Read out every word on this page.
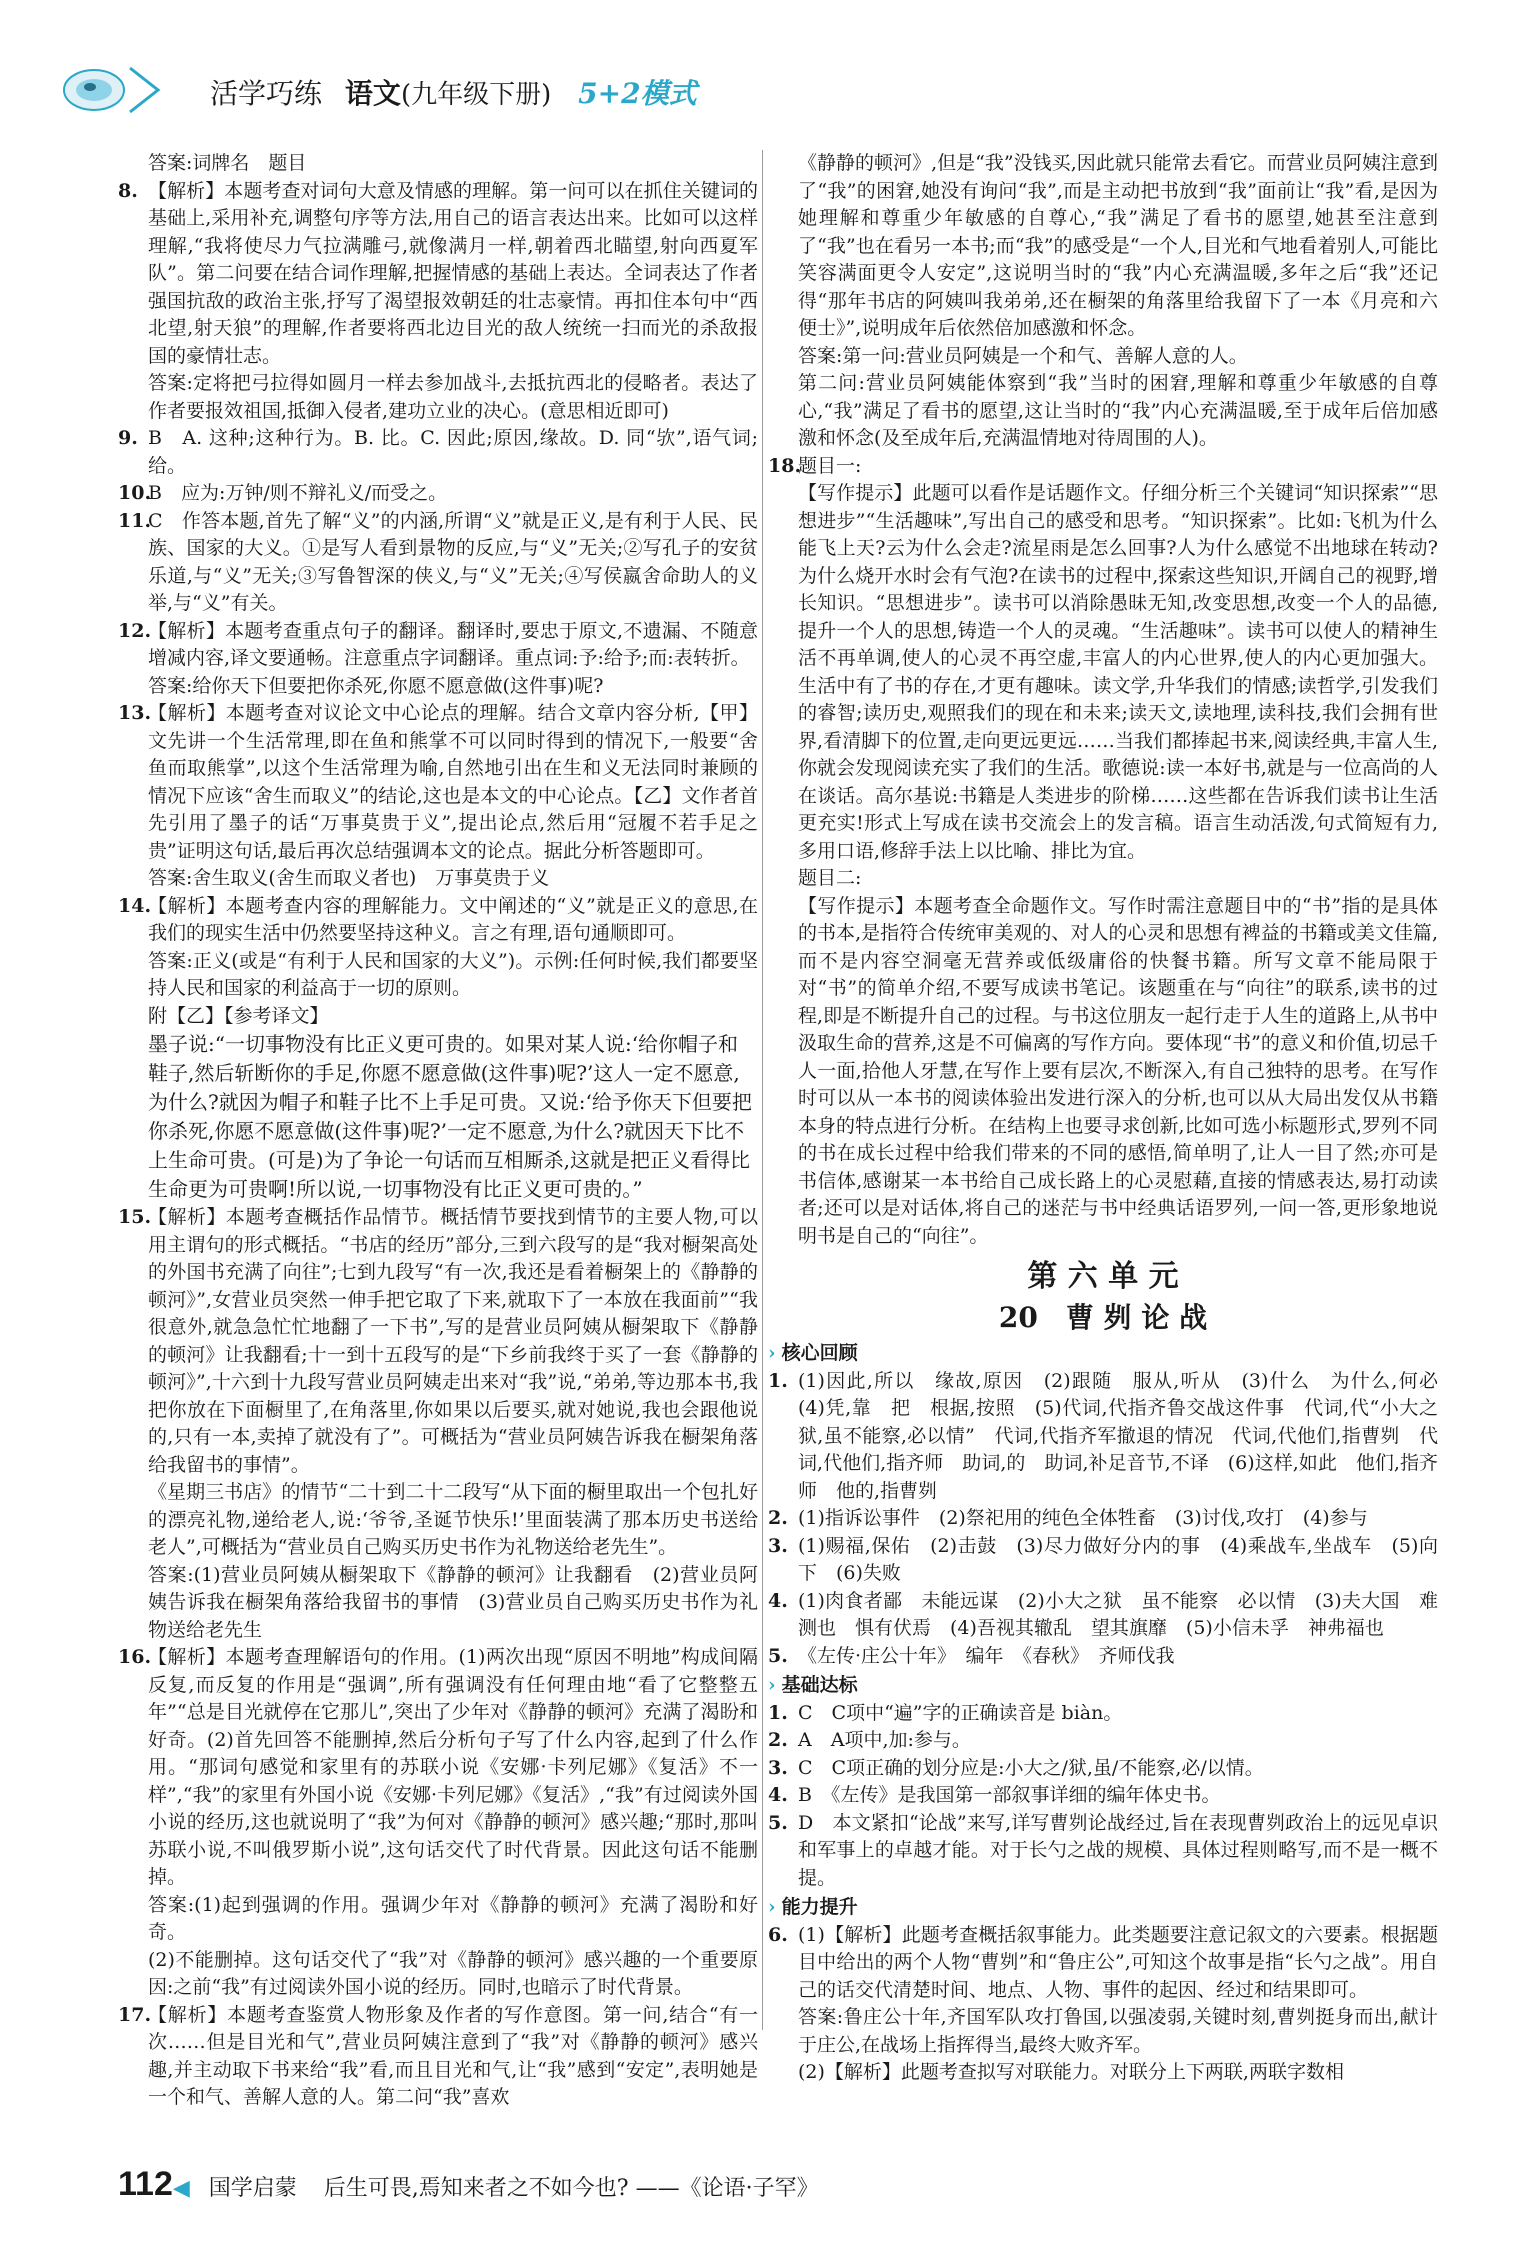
活学巧练 语文(九年级下册) 5+2模式
答案:词牌名　题目
8. 【解析】本题考查对词句大意及情感的理解。第一问可以在抓住关键词的基础上,采用补充,调整句序等方法,用自己的语言表达出来。比如可以这样理解,“我将使尽力气拉满雕弓,就像满月一样,朝着西北瞄望,射向西夏军队”。第二问要在结合词作理解,把握情感的基础上表达。全词表达了作者强国抗敌的政治主张,抒写了渴望报效朝廷的壮志豪情。再扣住本句中“西北望,射天狼”的理解,作者要将西北边目光的敌人统统一扫而光的杀敌报国的豪情壮志。
答案:定将把弓拉得如圆月一样去参加战斗,去抵抗西北的侵略者。表达了作者要报效祖国,抵御入侵者,建功立业的决心。(意思相近即可)
9. B　A. 这种;这种行为。B. 比。C. 因此;原因,缘故。D. 同“欤”,语气词;给。
10.
B　应为:万钟/则不辩礼义/而受之。
11.
C　作答本题,首先了解“义”的内涵,所谓“义”就是正义,是有利于人民、民族、国家的大义。①是写人看到景物的反应,与“义”无关;②写孔子的安贫乐道,与“义”无关;③写鲁智深的侠义,与“义”无关;④写侯嬴舍命助人的义举,与“义”有关。
12.
【解析】本题考查重点句子的翻译。翻译时,要忠于原文,不遗漏、不随意增减内容,译文要通畅。注意重点字词翻译。重点词:予:给予;而:表转折。
答案:给你天下但要把你杀死,你愿不愿意做(这件事)呢?
13.
【解析】本题考查对议论文中心论点的理解。结合文章内容分析,【甲】文先讲一个生活常理,即在鱼和熊掌不可以同时得到的情况下,一般要“舍鱼而取熊掌”,以这个生活常理为喻,自然地引出在生和义无法同时兼顾的情况下应该“舍生而取义”的结论,这也是本文的中心论点。【乙】文作者首先引用了墨子的话“万事莫贵于义”,提出论点,然后用“冠履不若手足之贵”证明这句话,最后再次总结强调本文的论点。据此分析答题即可。
答案:舍生取义(舍生而取义者也)　万事莫贵于义
14.
【解析】本题考查内容的理解能力。文中阐述的“义”就是正义的意思,在我们的现实生活中仍然要坚持这种义。言之有理,语句通顺即可。
答案:正义(或是“有利于人民和国家的大义”)。示例:任何时候,我们都要坚持人民和国家的利益高于一切的原则。
附【乙】【参考译文】
墨子说:“一切事物没有比正义更可贵的。如果对某人说:‘给你帽子和鞋子,然后斩断你的手足,你愿不愿意做(这件事)呢?’这人一定不愿意,为什么?就因为帽子和鞋子比不上手足可贵。又说:‘给予你天下但要把你杀死,你愿不愿意做(这件事)呢?’一定不愿意,为什么?就因天下比不上生命可贵。(可是)为了争论一句话而互相厮杀,这就是把正义看得比生命更为可贵啊!所以说,一切事物没有比正义更可贵的。”
15.
【解析】本题考查概括作品情节。概括情节要找到情节的主要人物,可以用主谓句的形式概括。“书店的经历”部分,三到六段写的是“我对橱架高处的外国书充满了向往”;七到九段写“有一次,我还是看着橱架上的《静静的顿河》”,女营业员突然一伸手把它取了下来,就取下了一本放在我面前”“我很意外,就急急忙忙地翻了一下书”,写的是营业员阿姨从橱架取下《静静的顿河》让我翻看;十一到十五段写的是“下乡前我终于买了一套《静静的顿河》”,十六到十九段写营业员阿姨走出来对“我”说,“弟弟,等边那本书,我把你放在下面橱里了,在角落里,你如果以后要买,就对她说,我也会跟他说的,只有一本,卖掉了就没有了”。可概括为“营业员阿姨告诉我在橱架角落给我留书的事情”。
《星期三书店》的情节“二十到二十二段写“从下面的橱里取出一个包扎好的漂亮礼物,递给老人,说:‘爷爷,圣诞节快乐!’里面装满了那本历史书送给老人”,可概括为“营业员自己购买历史书作为礼物送给老先生”。
答案:(1)营业员阿姨从橱架取下《静静的顿河》让我翻看　(2)营业员阿姨告诉我在橱架角落给我留书的事情　(3)营业员自己购买历史书作为礼物送给老先生
16.
【解析】本题考查理解语句的作用。(1)两次出现“原因不明地”构成间隔反复,而反复的作用是“强调”,所有强调没有任何理由地“看了它整整五年”“总是目光就停在它那儿”,突出了少年对《静静的顿河》充满了渴盼和好奇。(2)首先回答不能删掉,然后分析句子写了什么内容,起到了什么作用。“那词句感觉和家里有的苏联小说《安娜·卡列尼娜》《复活》不一样”,“我”的家里有外国小说《安娜·卡列尼娜》《复活》,“我”有过阅读外国小说的经历,这也就说明了“我”为何对《静静的顿河》感兴趣;“那时,那叫苏联小说,不叫俄罗斯小说”,这句话交代了时代背景。因此这句话不能删掉。
答案:(1)起到强调的作用。强调少年对《静静的顿河》充满了渴盼和好奇。
(2)不能删掉。这句话交代了“我”对《静静的顿河》感兴趣的一个重要原因:之前“我”有过阅读外国小说的经历。同时,也暗示了时代背景。
17.
【解析】本题考查鉴赏人物形象及作者的写作意图。第一问,结合“有一次……但是目光和气”,营业员阿姨注意到了“我”对《静静的顿河》感兴趣,并主动取下书来给“我”看,而且目光和气,让“我”感到“安定”,表明她是一个和气、善解人意的人。第二问“我”喜欢
《静静的顿河》,但是“我”没钱买,因此就只能常去看它。而营业员阿姨注意到了“我”的困窘,她没有询问“我”,而是主动把书放到“我”面前让“我”看,是因为她理解和尊重少年敏感的自尊心,“我”满足了看书的愿望,她甚至注意到了“我”也在看另一本书;而“我”的感受是“一个人,目光和气地看着别人,可能比笑容满面更令人安定”,这说明当时的“我”内心充满温暖,多年之后“我”还记得“那年书店的阿姨叫我弟弟,还在橱架的角落里给我留下了一本《月亮和六便士》”,说明成年后依然倍加感激和怀念。
答案:第一问:营业员阿姨是一个和气、善解人意的人。
第二问:营业员阿姨能体察到“我”当时的困窘,理解和尊重少年敏感的自尊心,“我”满足了看书的愿望,这让当时的“我”内心充满温暖,至于成年后倍加感激和怀念(及至成年后,充满温情地对待周围的人)。
18.
题目一:
【写作提示】此题可以看作是话题作文。仔细分析三个关键词“知识探索”“思想进步”“生活趣味”,写出自己的感受和思考。“知识探索”。比如:飞机为什么能飞上天?云为什么会走?流星雨是怎么回事?人为什么感觉不出地球在转动?为什么烧开水时会有气泡?在读书的过程中,探索这些知识,开阔自己的视野,增长知识。“思想进步”。读书可以消除愚昧无知,改变思想,改变一个人的品德,提升一个人的思想,铸造一个人的灵魂。“生活趣味”。读书可以使人的精神生活不再单调,使人的心灵不再空虚,丰富人的内心世界,使人的内心更加强大。生活中有了书的存在,才更有趣味。读文学,升华我们的情感;读哲学,引发我们的睿智;读历史,观照我们的现在和未来;读天文,读地理,读科技,我们会拥有世界,看清脚下的位置,走向更远更远……当我们都捧起书来,阅读经典,丰富人生,你就会发现阅读充实了我们的生活。歌德说:读一本好书,就是与一位高尚的人在谈话。高尔基说:书籍是人类进步的阶梯……这些都在告诉我们读书让生活更充实!形式上写成在读书交流会上的发言稿。语言生动活泼,句式简短有力,多用口语,修辞手法上以比喻、排比为宜。
题目二:
【写作提示】本题考查全命题作文。写作时需注意题目中的“书”指的是具体的书本,是指符合传统审美观的、对人的心灵和思想有裨益的书籍或美文佳篇,而不是内容空洞毫无营养或低级庸俗的快餐书籍。所写文章不能局限于对“书”的简单介绍,不要写成读书笔记。该题重在与“向往”的联系,读书的过程,即是不断提升自己的过程。与书这位朋友一起行走于人生的道路上,从书中汲取生命的营养,这是不可偏离的写作方向。要体现“书”的意义和价值,切忌千人一面,拾他人牙慧,在写作上要有层次,不断深入,有自己独特的思考。在写作时可以从一本书的阅读体验出发进行深入的分析,也可以从大局出发仅从书籍本身的特点进行分析。在结构上也要寻求创新,比如可选小标题形式,罗列不同的书在成长过程中给我们带来的不同的感悟,简单明了,让人一目了然;亦可是书信体,感谢某一本书给自己成长路上的心灵慰藉,直接的情感表达,易打动读者;还可以是对话体,将自己的迷茫与书中经典话语罗列,一问一答,更形象地说明书是自己的“向往”。
第 六 单 元
20　曹 刿 论 战
› 核心回顾
1. (1)因此,所以　缘故,原因　(2)跟随　服从,听从　(3)什么　为什么,何必　(4)凭,靠　把　根据,按照　(5)代词,代指齐鲁交战这件事　代词,代“小大之狱,虽不能察,必以情”　代词,代指齐军撤退的情况　代词,代他们,指曹刿　代词,代他们,指齐师　助词,的　助词,补足音节,不译　(6)这样,如此　他们,指齐师　他的,指曹刿
2. (1)指诉讼事件　(2)祭祀用的纯色全体牲畜　(3)讨伐,攻打　(4)参与
3. (1)赐福,保佑　(2)击鼓　(3)尽力做好分内的事　(4)乘战车,坐战车　(5)向下　(6)失败
4. (1)肉食者鄙　未能远谋　(2)小大之狱　虽不能察　必以情　(3)夫大国　难测也　惧有伏焉　(4)吾视其辙乱　望其旗靡　(5)小信未孚　神弗福也
5. 《左传·庄公十年》　编年　《春秋》　齐师伐我
› 基础达标
1. C　C项中“遍”字的正确读音是 biàn。
2. A　A项中,加:参与。
3. C　C项正确的划分应是:小大之/狱,虽/不能察,必/以情。
4. B　《左传》是我国第一部叙事详细的编年体史书。
5. D　本文紧扣“论战”来写,详写曹刿论战经过,旨在表现曹刿政治上的远见卓识和军事上的卓越才能。对于长勺之战的规模、具体过程则略写,而不是一概不提。
› 能力提升
6. (1)【解析】此题考查概括叙事能力。此类题要注意记叙文的六要素。根据题目中给出的两个人物“曹刿”和“鲁庄公”,可知这个故事是指“长勺之战”。用自己的话交代清楚时间、地点、人物、事件的起因、经过和结果即可。
答案:鲁庄公十年,齐国军队攻打鲁国,以强凌弱,关键时刻,曹刿挺身而出,献计于庄公,在战场上指挥得当,最终大败齐军。
(2)【解析】此题考查拟写对联能力。对联分上下两联,两联字数相
112◀ 国学启蒙 后生可畏,焉知来者之不如今也? ——《论语·子罕》
